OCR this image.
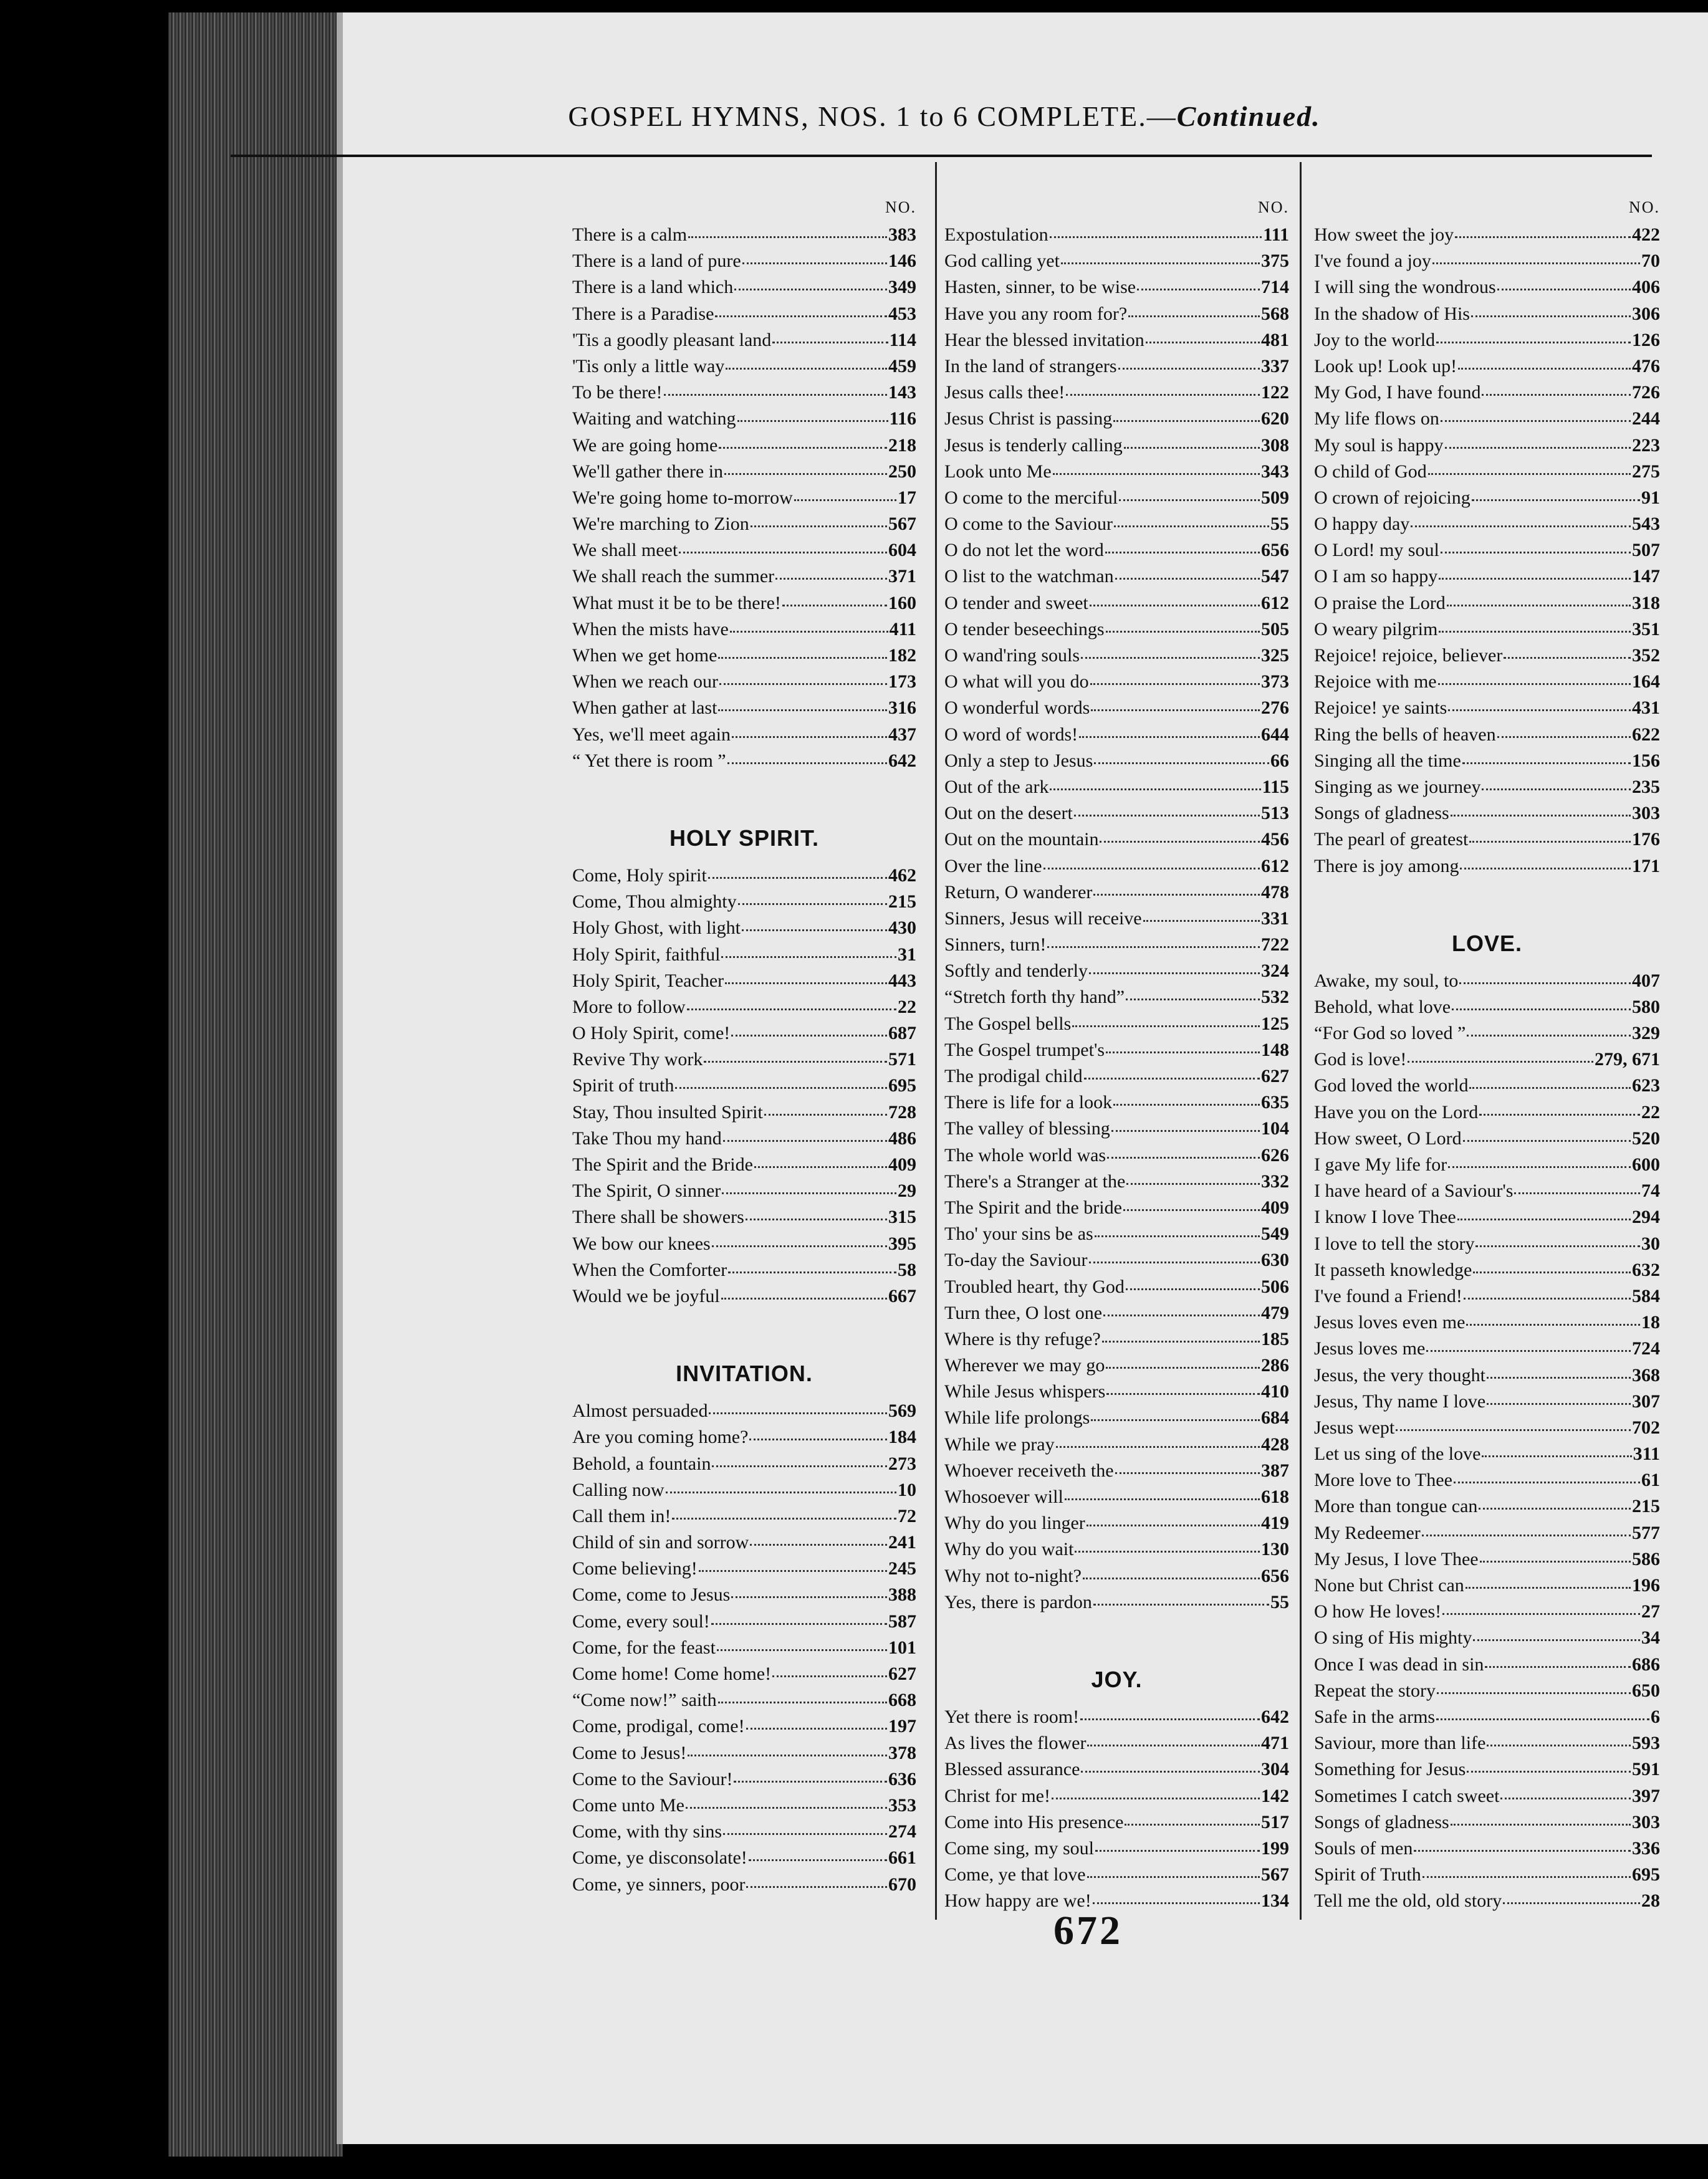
GOSPEL HYMNS, NOS. 1 to 6 COMPLETE.—Continued.
NO.
There is a calm	383
There is a land of pure	146
There is a land which	349
There is a Paradise	453
'Tis a goodly pleasant land	114
'Tis only a little way	459
To be there!	143
Waiting and watching	116
We are going home	218
We'll gather there in	250
We're going home to-morrow	17
We're marching to Zion	567
We shall meet	604
We shall reach the summer	371
What must it be to be there!	160
When the mists have	411
When we get home	182
When we reach our	173
When gather at last	316
Yes, we'll meet again	437
“ Yet there is room ”	642
HOLY SPIRIT.
Come, Holy spirit	462
Come, Thou almighty	215
Holy Ghost, with light	430
Holy Spirit, faithful	31
Holy Spirit, Teacher	443
More to follow	22
O Holy Spirit, come!	687
Revive Thy work	571
Spirit of truth	695
Stay, Thou insulted Spirit	728
Take Thou my hand	486
The Spirit and the Bride	409
The Spirit, O sinner	29
There shall be showers	315
We bow our knees	395
When the Comforter	58
Would we be joyful	667
INVITATION.
Almost persuaded	569
Are you coming home?	184
Behold, a fountain	273
Calling now	10
Call them in!	72
Child of sin and sorrow	241
Come believing!	245
Come, come to Jesus	388
Come, every soul!	587
Come, for the feast	101
Come home! Come home!	627
“Come now!” saith	668
Come, prodigal, come!	197
Come to Jesus!	378
Come to the Saviour!	636
Come unto Me	353
Come, with thy sins	274
Come, ye disconsolate!	661
Come, ye sinners, poor	670
NO.
Expostulation	111
God calling yet	375
Hasten, sinner, to be wise	714
Have you any room for?	568
Hear the blessed invitation	481
In the land of strangers	337
Jesus calls thee!	122
Jesus Christ is passing	620
Jesus is tenderly calling	308
Look unto Me	343
O come to the merciful	509
O come to the Saviour	55
O do not let the word	656
O list to the watchman	547
O tender and sweet	612
O tender beseechings	505
O wand'ring souls	325
O what will you do	373
O wonderful words	276
O word of words!	644
Only a step to Jesus	66
Out of the ark	115
Out on the desert	513
Out on the mountain	456
Over the line	612
Return, O wanderer	478
Sinners, Jesus will receive	331
Sinners, turn!	722
Softly and tenderly	324
“Stretch forth thy hand”	532
The Gospel bells	125
The Gospel trumpet's	148
The prodigal child	627
There is life for a look	635
The valley of blessing	104
The whole world was	626
There's a Stranger at the	332
The Spirit and the bride	409
Tho' your sins be as	549
To-day the Saviour	630
Troubled heart, thy God	506
Turn thee, O lost one	479
Where is thy refuge?	185
Wherever we may go	286
While Jesus whispers	410
While life prolongs	684
While we pray	428
Whoever receiveth the	387
Whosoever will	618
Why do you linger	419
Why do you wait	130
Why not to-night?	656
Yes, there is pardon	55
JOY.
Yet there is room!	642
As lives the flower	471
Blessed assurance	304
Christ for me!	142
Come into His presence	517
Come sing, my soul	199
Come, ye that love	567
How happy are we!	134
NO.
How sweet the joy	422
I've found a joy	70
I will sing the wondrous	406
In the shadow of His	306
Joy to the world	126
Look up! Look up!	476
My God, I have found	726
My life flows on	244
My soul is happy	223
O child of God	275
O crown of rejoicing	91
O happy day	543
O Lord! my soul	507
O I am so happy	147
O praise the Lord	318
O weary pilgrim	351
Rejoice! rejoice, believer	352
Rejoice with me	164
Rejoice! ye saints	431
Ring the bells of heaven	622
Singing all the time	156
Singing as we journey	235
Songs of gladness	303
The pearl of greatest	176
There is joy among	171
LOVE.
Awake, my soul, to	407
Behold, what love	580
“For God so loved ”	329
God is love!	279, 671
God loved the world	623
Have you on the Lord	22
How sweet, O Lord	520
I gave My life for	600
I have heard of a Saviour's	74
I know I love Thee	294
I love to tell the story	30
It passeth knowledge	632
I've found a Friend!	584
Jesus loves even me	18
Jesus loves me	724
Jesus, the very thought	368
Jesus, Thy name I love	307
Jesus wept	702
Let us sing of the love	311
More love to Thee	61
More than tongue can	215
My Redeemer	577
My Jesus, I love Thee	586
None but Christ can	196
O how He loves!	27
O sing of His mighty	34
Once I was dead in sin	686
Repeat the story	650
Safe in the arms	6
Saviour, more than life	593
Something for Jesus	591
Sometimes I catch sweet	397
Songs of gladness	303
Souls of men	336
Spirit of Truth	695
Tell me the old, old story	28
672
